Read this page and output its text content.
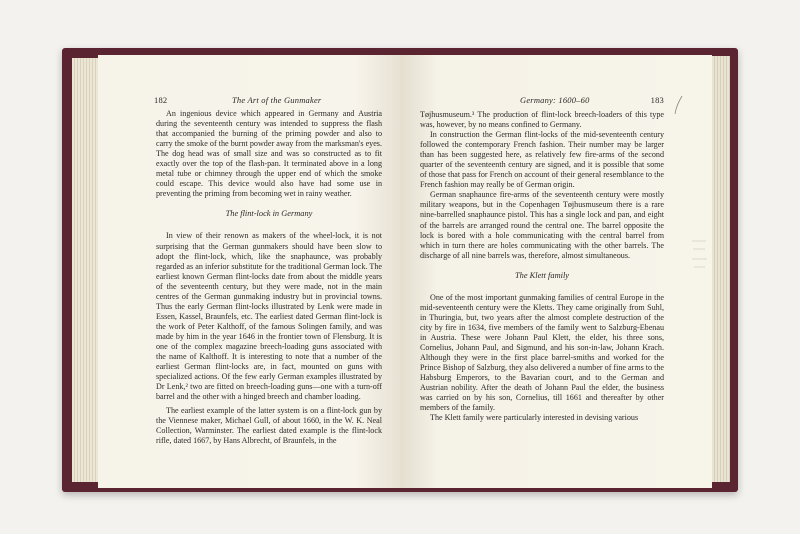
182	The Art of the Gunmaker

An ingenious device which appeared in Germany and Austria during the seventeenth century was intended to suppress the flash that accompanied the burning of the priming powder and also to carry the smoke of the burnt powder away from the marksman's eyes. The dog head was of small size and was so constructed as to fit exactly over the top of the flash-pan. It terminated above in a long metal tube or chimney through the upper end of which the smoke could escape. This device would also have had some use in preventing the priming from becoming wet in rainy weather.

The flint-lock in Germany

In view of their renown as makers of the wheel-lock, it is not surprising that the German gunmakers should have been slow to adopt the flint-lock, which, like the snaphaunce, was probably regarded as an inferior substitute for the traditional German lock. The earliest known German flint-locks date from about the middle years of the seventeenth century, but they were made, not in the main centres of the German gunmaking industry but in provincial towns. Thus the early German flint-locks illustrated by Lenk were made in Essen, Kassel, Braunfels, etc. The earliest dated German flint-lock is the work of Peter Kalthoff, of the famous Solingen family, and was made by him in the year 1646 in the frontier town of Flensburg. It is one of the complex magazine breech-loading guns associated with the name of Kalthoff. It is interesting to note that a number of the earliest German flint-locks are, in fact, mounted on guns with specialized actions. Of the few early German examples illustrated by Dr Lenk,² two are fitted on breech-loading guns—one with a turn-off barrel and the other with a hinged breech and chamber loading.

The earliest example of the latter system is on a flint-lock gun by the Viennese maker, Michael Gull, of about 1660, in the W. K. Neal Collection, Warminster. The earliest dated example is the flint-lock rifle, dated 1667, by Hans Albrecht, of Braunfels, in the

Germany: 1600–60	183

Tøjhusmuseum.³ The production of flint-lock breech-loaders of this type was, however, by no means confined to Germany.

In construction the German flint-locks of the mid-seventeenth century followed the contemporary French fashion. Their number may be larger than has been suggested here, as relatively few fire-arms of the second quarter of the seventeenth century are signed, and it is possible that some of those that pass for French on account of their general resemblance to the French fashion may really be of German origin.

German snaphaunce fire-arms of the seventeenth century were mostly military weapons, but in the Copenhagen Tøjhusmuseum there is a rare nine-barrelled snaphaunce pistol. This has a single lock and pan, and eight of the barrels are arranged round the central one. The barrel opposite the lock is bored with a hole communicating with the central barrel from which in turn there are holes communicating with the other barrels. The discharge of all nine barrels was, therefore, almost simultaneous.

The Klett family

One of the most important gunmaking families of central Europe in the mid-seventeenth century were the Kletts. They came originally from Suhl, in Thuringia, but, two years after the almost complete destruction of the city by fire in 1634, five members of the family went to Salzburg-Ebenau in Austria. These were Johann Paul Klett, the elder, his three sons, Cornelius, Johann Paul, and Sigmund, and his son-in-law, Johann Krach. Although they were in the first place barrel-smiths and worked for the Prince Bishop of Salzburg, they also delivered a number of fine arms to the Habsburg Emperors, to the Bavarian court, and to the German and Austrian nobility. After the death of Johann Paul the elder, the business was carried on by his son, Cornelius, till 1661 and thereafter by other members of the family.

The Klett family were particularly interested in devising various
